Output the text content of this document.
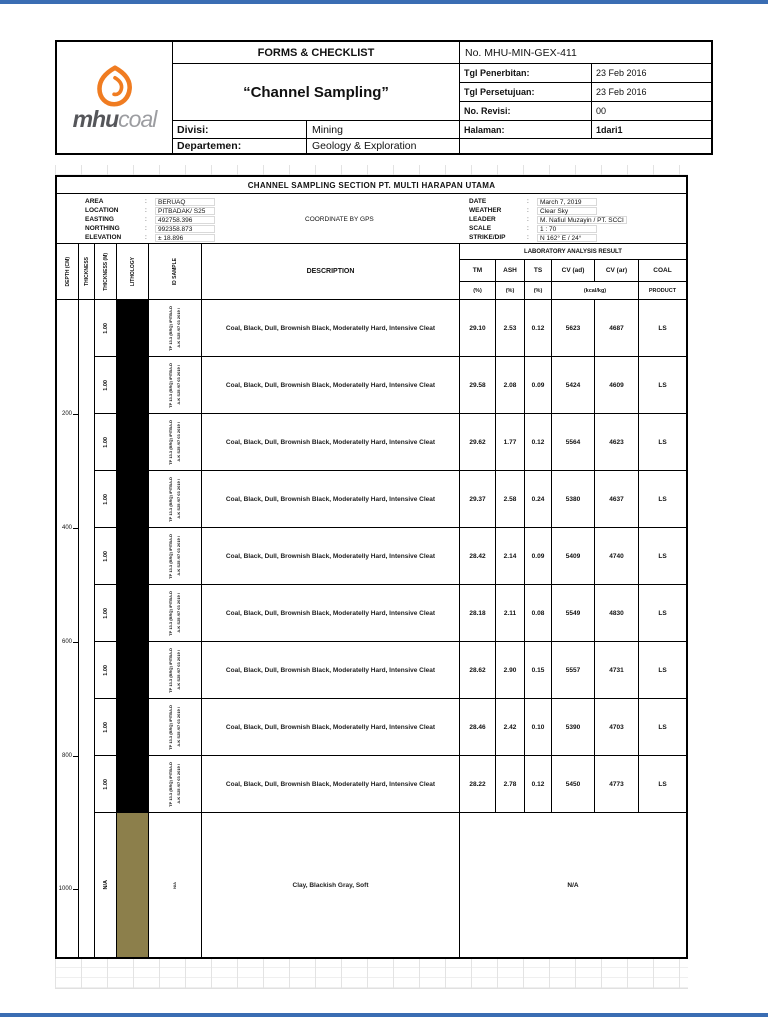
mhucoal
FORMS & CHECKLIST	No. MHU-MIN-GEX-411
“Channel Sampling”
Tgl Penerbitan:	23 Feb 2016
Tgl Persetujuan:	23 Feb 2016
No. Revisi:	00
Divisi:	Mining	Halaman:	1dari1
Departemen:	Geology & Exploration
CHANNEL SAMPLING SECTION PT. MULTI HARAPAN UTAMA
AREA	:	BERUAQ
LOCATION	:	PITBADAK/ S25
EASTING	:	492758.396
NORTHING	:	992358.873
ELEVATION	:	± 18.896
COORDINATE BY GPS
DATE	:	March 7, 2019
WEATHER	:	Clear Sky
LEADER	:	M. Nafiul Muzayin / PT. SCCI
SCALE	:	1 : 70
STRIKE/DIP	:	N 162° E / 24°
DEPTH (CM)	THICKNESS	THICKNESS (M)	LITHOLOGY	ID SAMPLE	DESCRIPTION
LABORATORY ANALYSIS RESULT
TM	ASH	TS	CV (ad)	CV (ar)	COAL
(%)	(%)	(%)	(kcal/kg)	PRODUCT
200
400
600
800
1000
1.00	TP 13.3 (BRQ) /PITBA.D A.K S25 /07 03 2019 /	Coal, Black, Dull, Brownish Black, Moderatelly Hard, Intensive Cleat	29.10	2.53	0.12	5623	4687	LS
1.00	TP 13.3 (BRQ) /PITBA.D A.K S25 /07 03 2019 /	Coal, Black, Dull, Brownish Black, Moderatelly Hard, Intensive Cleat	29.58	2.08	0.09	5424	4609	LS
1.00	TP 13.3 (BRQ) /PITBA.D A.K S25 /07 03 2019 /	Coal, Black, Dull, Brownish Black, Moderatelly Hard, Intensive Cleat	29.62	1.77	0.12	5564	4623	LS
1.00	TP 13.3 (BRQ) /PITBA.D A.K S25 /07 03 2019 /	Coal, Black, Dull, Brownish Black, Moderatelly Hard, Intensive Cleat	29.37	2.58	0.24	5380	4637	LS
1.00	TP 13.3 (BRQ) /PITBA.D A.K S25 /07 03 2019 /	Coal, Black, Dull, Brownish Black, Moderatelly Hard, Intensive Cleat	28.42	2.14	0.09	5409	4740	LS
1.00	TP 13.3 (BRQ) /PITBA.D A.K S25 /07 03 2019 /	Coal, Black, Dull, Brownish Black, Moderatelly Hard, Intensive Cleat	28.18	2.11	0.08	5549	4830	LS
1.00	TP 13.3 (BRQ) /PITBA.D A.K S25 /07 03 2019 /	Coal, Black, Dull, Brownish Black, Moderatelly Hard, Intensive Cleat	28.62	2.90	0.15	5557	4731	LS
1.00	TP 13.3 (BRQ) /PITBA.D A.K S25 /07 03 2019 /	Coal, Black, Dull, Brownish Black, Moderatelly Hard, Intensive Cleat	28.46	2.42	0.10	5390	4703	LS
1.00	TP 13.3 (BRQ) /PITBA.D A.K S25 /07 03 2019 /	Coal, Black, Dull, Brownish Black, Moderatelly Hard, Intensive Cleat	28.22	2.78	0.12	5450	4773	LS
N/A	N/A	Clay, Blackish Gray, Soft	N/A
